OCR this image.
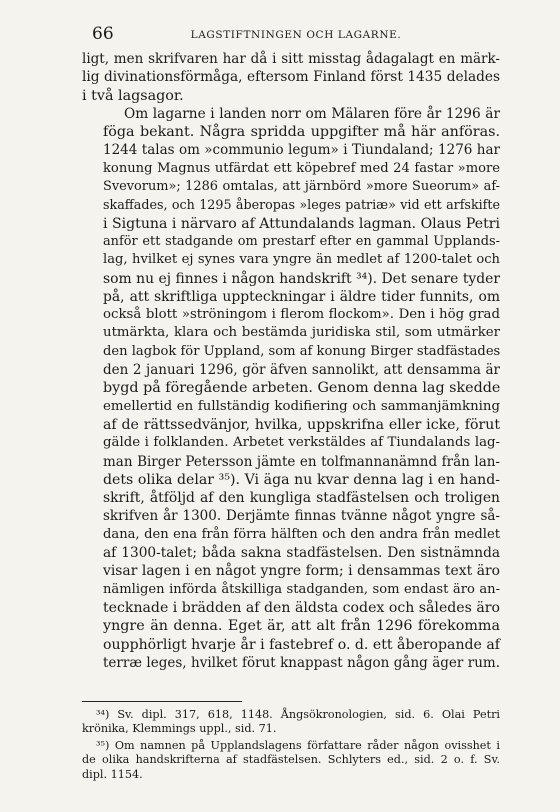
66	LAGSTIFTNINGEN OCH LAGARNE.

ligt, men skrifvaren har då i sitt misstag ådagalagt en märk-
lig divinationsförmåga, eftersom Finland först 1435 delades
i två lagsagor.

Om lagarne i landen norr om Mälaren före år 1296 är
föga bekant. Några spridda uppgifter må här anföras.
1244 talas om »communio legum» i Tiundaland; 1276 har
konung Magnus utfärdat ett köpebref med 24 fastar »more
Svevorum»; 1286 omtalas, att järnbörd »more Sueorum» af-
skaffades, och 1295 åberopas »leges patriæ» vid ett arfskifte
i Sigtuna i närvaro af Attundalands lagman. Olaus Petri
anför ett stadgande om prestarf efter en gammal Upplands-
lag, hvilket ej synes vara yngre än medlet af 1200-talet och
som nu ej finnes i någon handskrift ³⁴). Det senare tyder
på, att skriftliga uppteckningar i äldre tider funnits, om
också blott »ströningom i flerom flockom». Den i hög grad
utmärkta, klara och bestämda juridiska stil, som utmärker
den lagbok för Uppland, som af konung Birger stadfästades
den 2 januari 1296, gör äfven sannolikt, att densamma är
bygd på föregående arbeten. Genom denna lag skedde
emellertid en fullständig kodifiering och sammanjämkning
af de rättssedvänjor, hvilka, uppskrifna eller icke, förut
gälde i folklanden. Arbetet verkstäldes af Tiundalands lag-
man Birger Petersson jämte en tolfmannanämnd från lan-
dets olika delar ³⁵). Vi äga nu kvar denna lag i en hand-
skrift, åtföljd af den kungliga stadfästelsen och troligen
skrifven år 1300. Derjämte finnas tvänne något yngre så-
dana, den ena från förra hälften och den andra från medlet
af 1300-talet; båda sakna stadfästelsen. Den sistnämnda
visar lagen i en något yngre form; i densammas text äro
nämligen införda åtskilliga stadganden, som endast äro an-
tecknade i brädden af den äldsta codex och således äro
yngre än denna. Eget är, att alt från 1296 förekomma
oupphörligt hvarje år i fastebref o. d. ett åberopande af
terræ leges, hvilket förut knappast någon gång äger rum.

³⁴) Sv. dipl. 317, 618, 1148. Ångsökronologien, sid. 6. Olai Petri
krönika, Klemmings uppl., sid. 71.
³⁵) Om namnen på Upplandslagens författare råder någon ovisshet i
de olika handskrifterna af stadfästelsen. Schlyters ed., sid. 2 o. f. Sv.
dipl. 1154.
